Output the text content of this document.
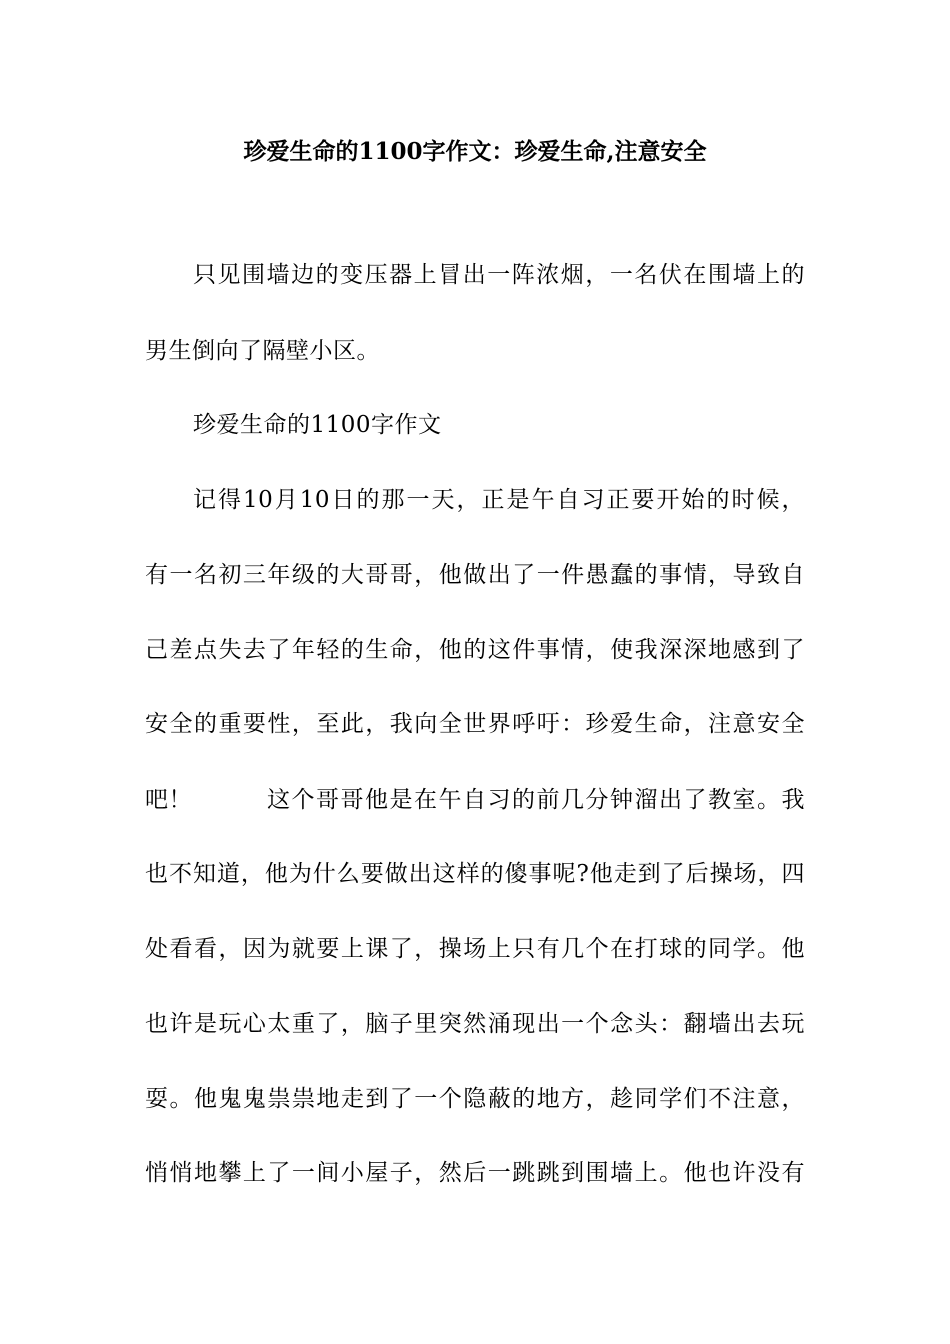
珍爱生命的1100字作文：珍爱生命,注意安全
只见围墙边的变压器上冒出一阵浓烟，一名伏在围墙上的
男生倒向了隔壁小区。
珍爱生命的1100字作文
记得10月10日的那一天，正是午自习正要开始的时候，
有一名初三年级的大哥哥，他做出了一件愚蠢的事情，导致自
己差点失去了年轻的生命，他的这件事情，使我深深地感到了
安全的重要性，至此，我向全世界呼吁：珍爱生命，注意安全
吧！	这个哥哥他是在午自习的前几分钟溜出了教室。我
也不知道，他为什么要做出这样的傻事呢?他走到了后操场，四
处看看，因为就要上课了，操场上只有几个在打球的同学。他
也许是玩心太重了，脑子里突然涌现出一个念头：翻墙出去玩
耍。他鬼鬼祟祟地走到了一个隐蔽的地方，趁同学们不注意，
悄悄地攀上了一间小屋子，然后一跳跳到围墙上。他也许没有
